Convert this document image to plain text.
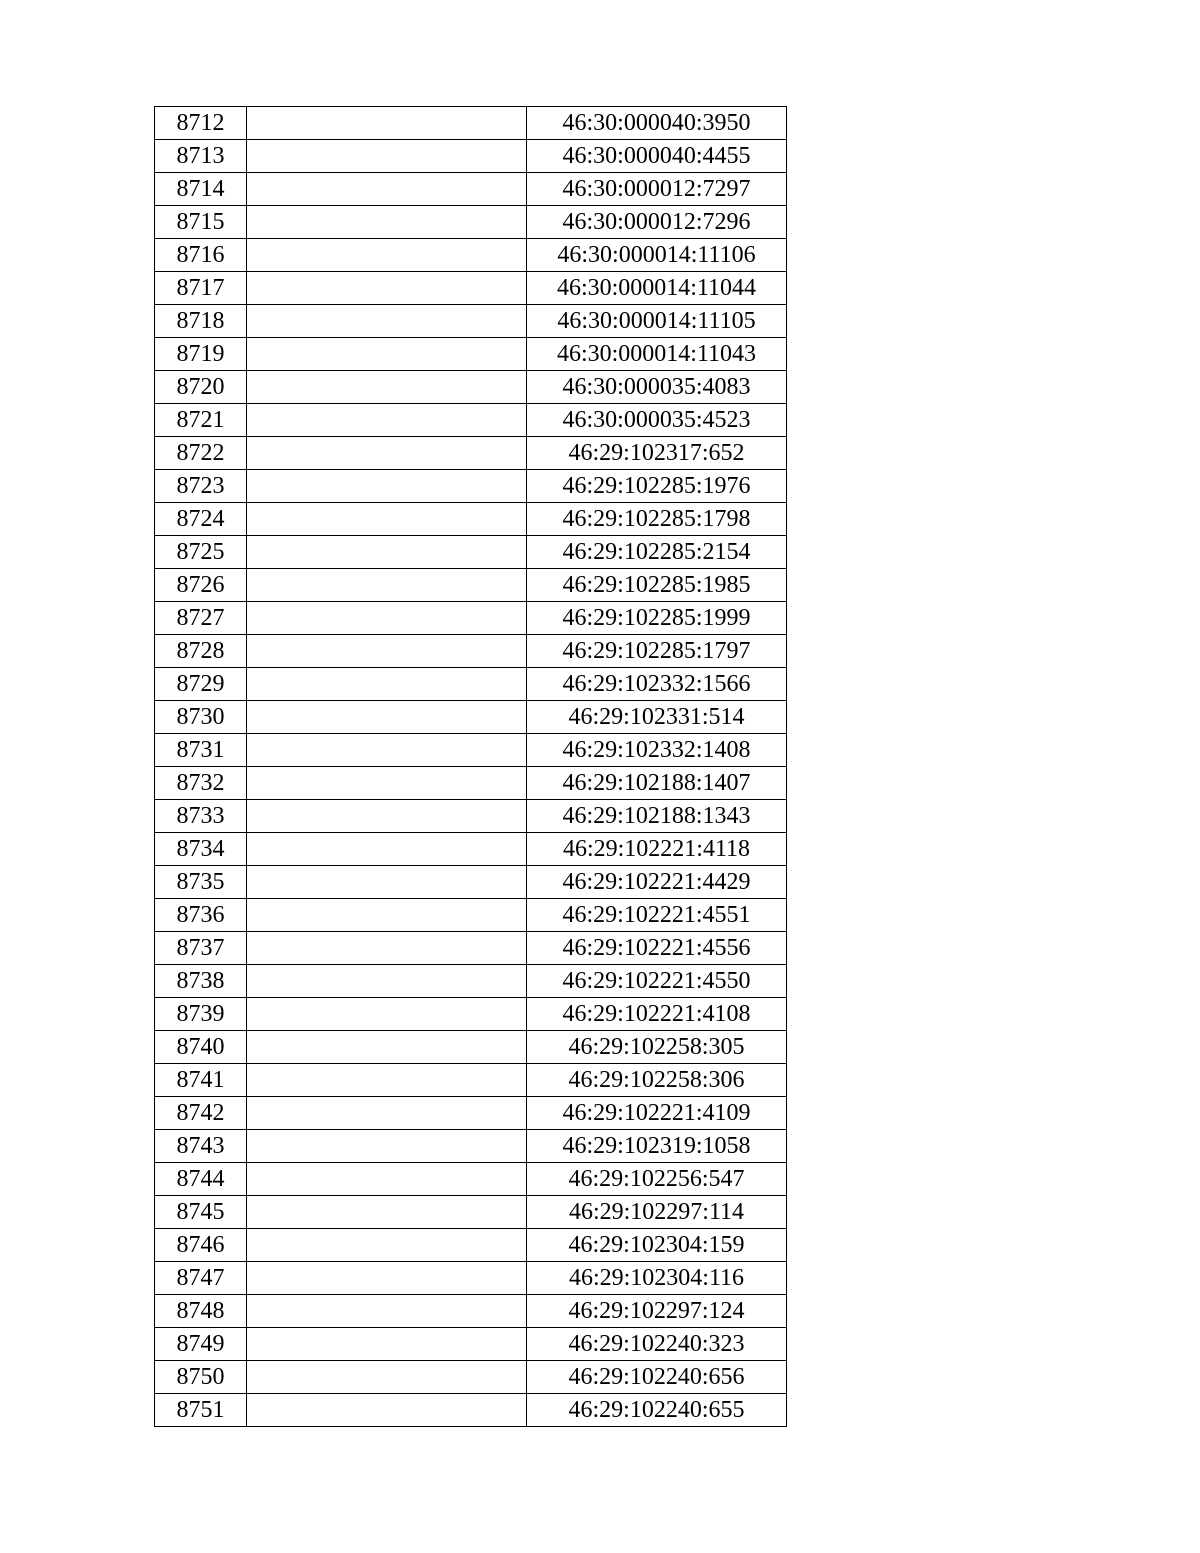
8712		46:30:000040:3950
8713		46:30:000040:4455
8714		46:30:000012:7297
8715		46:30:000012:7296
8716		46:30:000014:11106
8717		46:30:000014:11044
8718		46:30:000014:11105
8719		46:30:000014:11043
8720		46:30:000035:4083
8721		46:30:000035:4523
8722		46:29:102317:652
8723		46:29:102285:1976
8724		46:29:102285:1798
8725		46:29:102285:2154
8726		46:29:102285:1985
8727		46:29:102285:1999
8728		46:29:102285:1797
8729		46:29:102332:1566
8730		46:29:102331:514
8731		46:29:102332:1408
8732		46:29:102188:1407
8733		46:29:102188:1343
8734		46:29:102221:4118
8735		46:29:102221:4429
8736		46:29:102221:4551
8737		46:29:102221:4556
8738		46:29:102221:4550
8739		46:29:102221:4108
8740		46:29:102258:305
8741		46:29:102258:306
8742		46:29:102221:4109
8743		46:29:102319:1058
8744		46:29:102256:547
8745		46:29:102297:114
8746		46:29:102304:159
8747		46:29:102304:116
8748		46:29:102297:124
8749		46:29:102240:323
8750		46:29:102240:656
8751		46:29:102240:655
